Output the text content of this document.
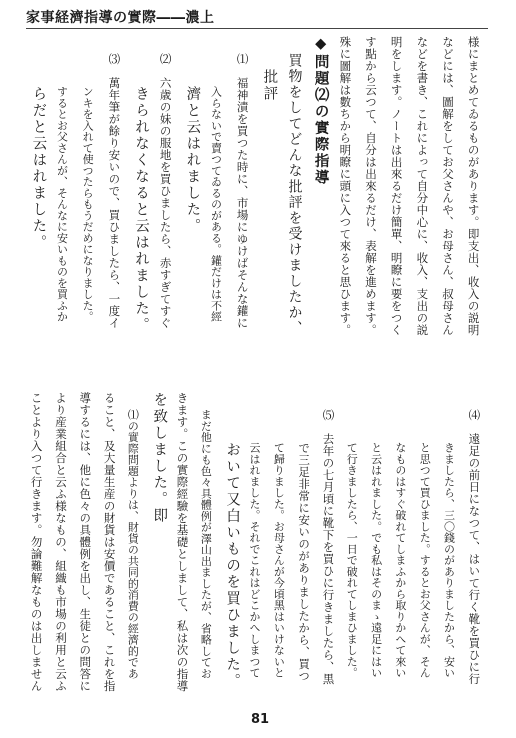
家事経濟指導の實際――濃上

様にまとめてゐるものがあります。即支出、收入の説明
などには、圖解をしてお父さんや、お母さん、叔母さん
などを書き、これによって自分中心に、收入、支出の説
明をします。ノートは出來るだけ簡單、明瞭に要をつく
す點から云つて、自分は出來るだけ、表解を進めます。
殊に圖解は數ちから明瞭に頭に入つて來ると思ひます。
◆問題⑵の實際指導
買物をしてどんな批評を受けましたか、
批評
⑴　福神漬を買つた時に、市場にゆけばそんな鑵に
入らないで賣つてゐるのがある。鑵だけは不經
濟と云はれました。
⑵　六歳の妹の服地を買ひましたら、赤すぎてすぐ
きられなくなると云はれました。
⑶　萬年筆が餘り安いので、買ひましたら、一度イ
ンキを入れて使つたらもうだめになりました。
するとお父さんが、そんなに安いものを買ふか
らだと云はれました。
⑷　遠足の前日になつて、はいて行く靴を買ひに行
きましたら、三〇錢のがありましたから、安い
と思つて買ひました。するとお父さんが、そん
なものはすぐ破れてしまふから取りかへて來い
と云はれました。でも私はそのまゝ遠足にはい
て行きましたら、一日で破れてしまひました。
⑸　去年の七月頃に靴下を買ひに行きましたら、黒
で三足非常に安いのがありましたから、買つ
て歸りました。お母さんが今頃黑はいけないと
云はれました。それでこれはどこかへしまつて
おいて又白いものを買ひました。
まだ他にも色々具體例が澤山出ましたが、省略してお
きます。この實際經驗を基礎としまして、私は次の指導
を致しました。即
⑴の實際問題よりは、財貨の共同的消費の經濟的であ
ること、及大量生産の財貨は安價であること、これを指
導するには、他に色々の具體例を出し、生徒との問答に
より産業組合と云ふ様なもの、組織も市場の利用と云ふ
ことより入つて行きます。勿論難解なものは出しません

81
